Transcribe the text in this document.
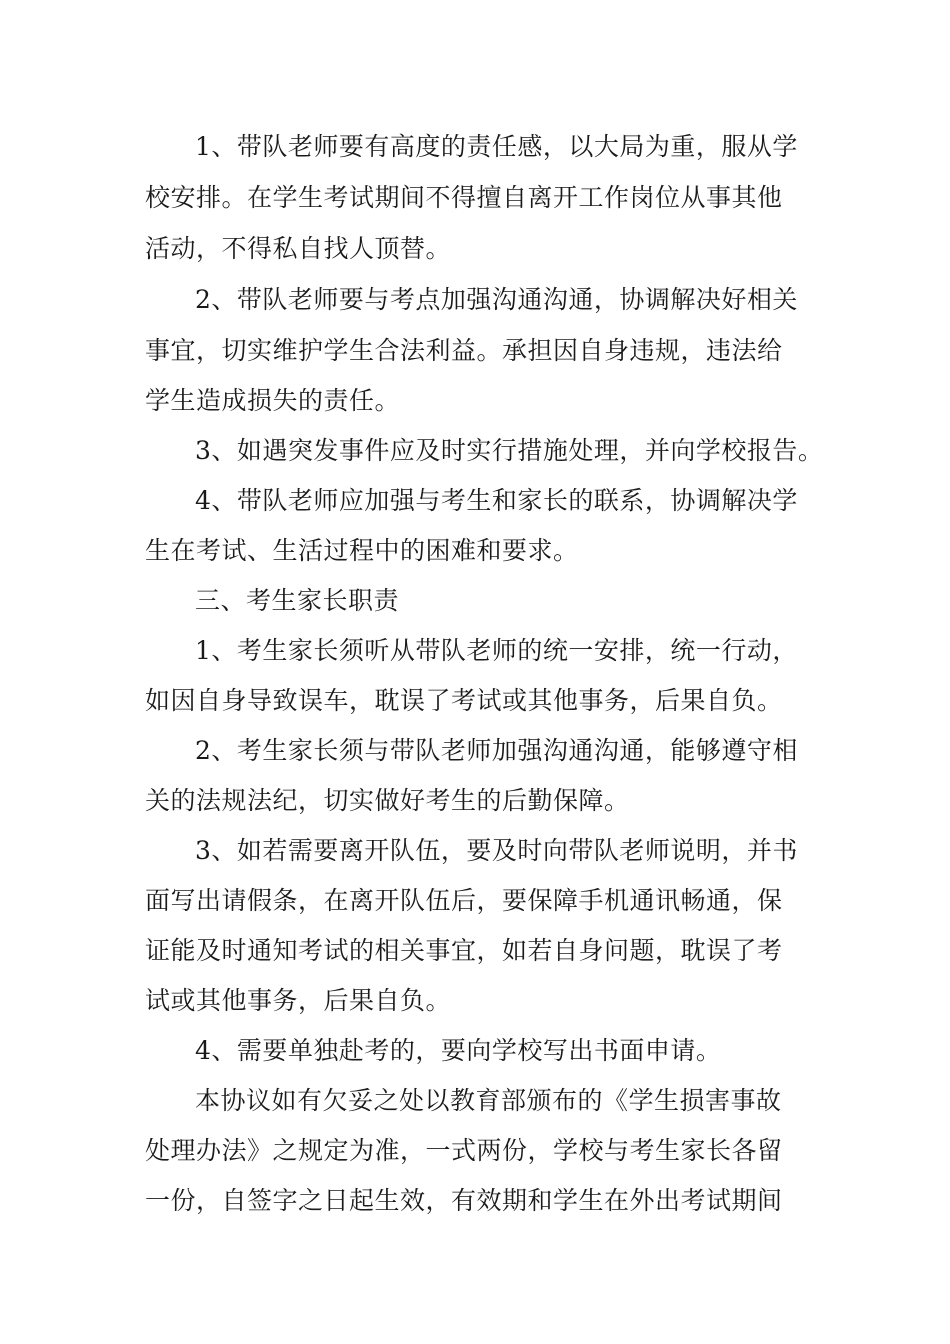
1、带队老师要有高度的责任感，以大局为重，服从学
校安排。在学生考试期间不得擅自离开工作岗位从事其他
活动，不得私自找人顶替。
2、带队老师要与考点加强沟通沟通，协调解决好相关
事宜，切实维护学生合法利益。承担因自身违规，违法给
学生造成损失的责任。
3、如遇突发事件应及时实行措施处理，并向学校报告。
4、带队老师应加强与考生和家长的联系，协调解决学
生在考试、生活过程中的困难和要求。
三、考生家长职责
1、考生家长须听从带队老师的统一安排，统一行动，
如因自身导致误车，耽误了考试或其他事务，后果自负。
2、考生家长须与带队老师加强沟通沟通，能够遵守相
关的法规法纪，切实做好考生的后勤保障。
3、如若需要离开队伍，要及时向带队老师说明，并书
面写出请假条，在离开队伍后，要保障手机通讯畅通，保
证能及时通知考试的相关事宜，如若自身问题，耽误了考
试或其他事务，后果自负。
4、需要单独赴考的，要向学校写出书面申请。
本协议如有欠妥之处以教育部颁布的《学生损害事故
处理办法》之规定为准，一式两份，学校与考生家长各留
一份，自签字之日起生效，有效期和学生在外出考试期间
